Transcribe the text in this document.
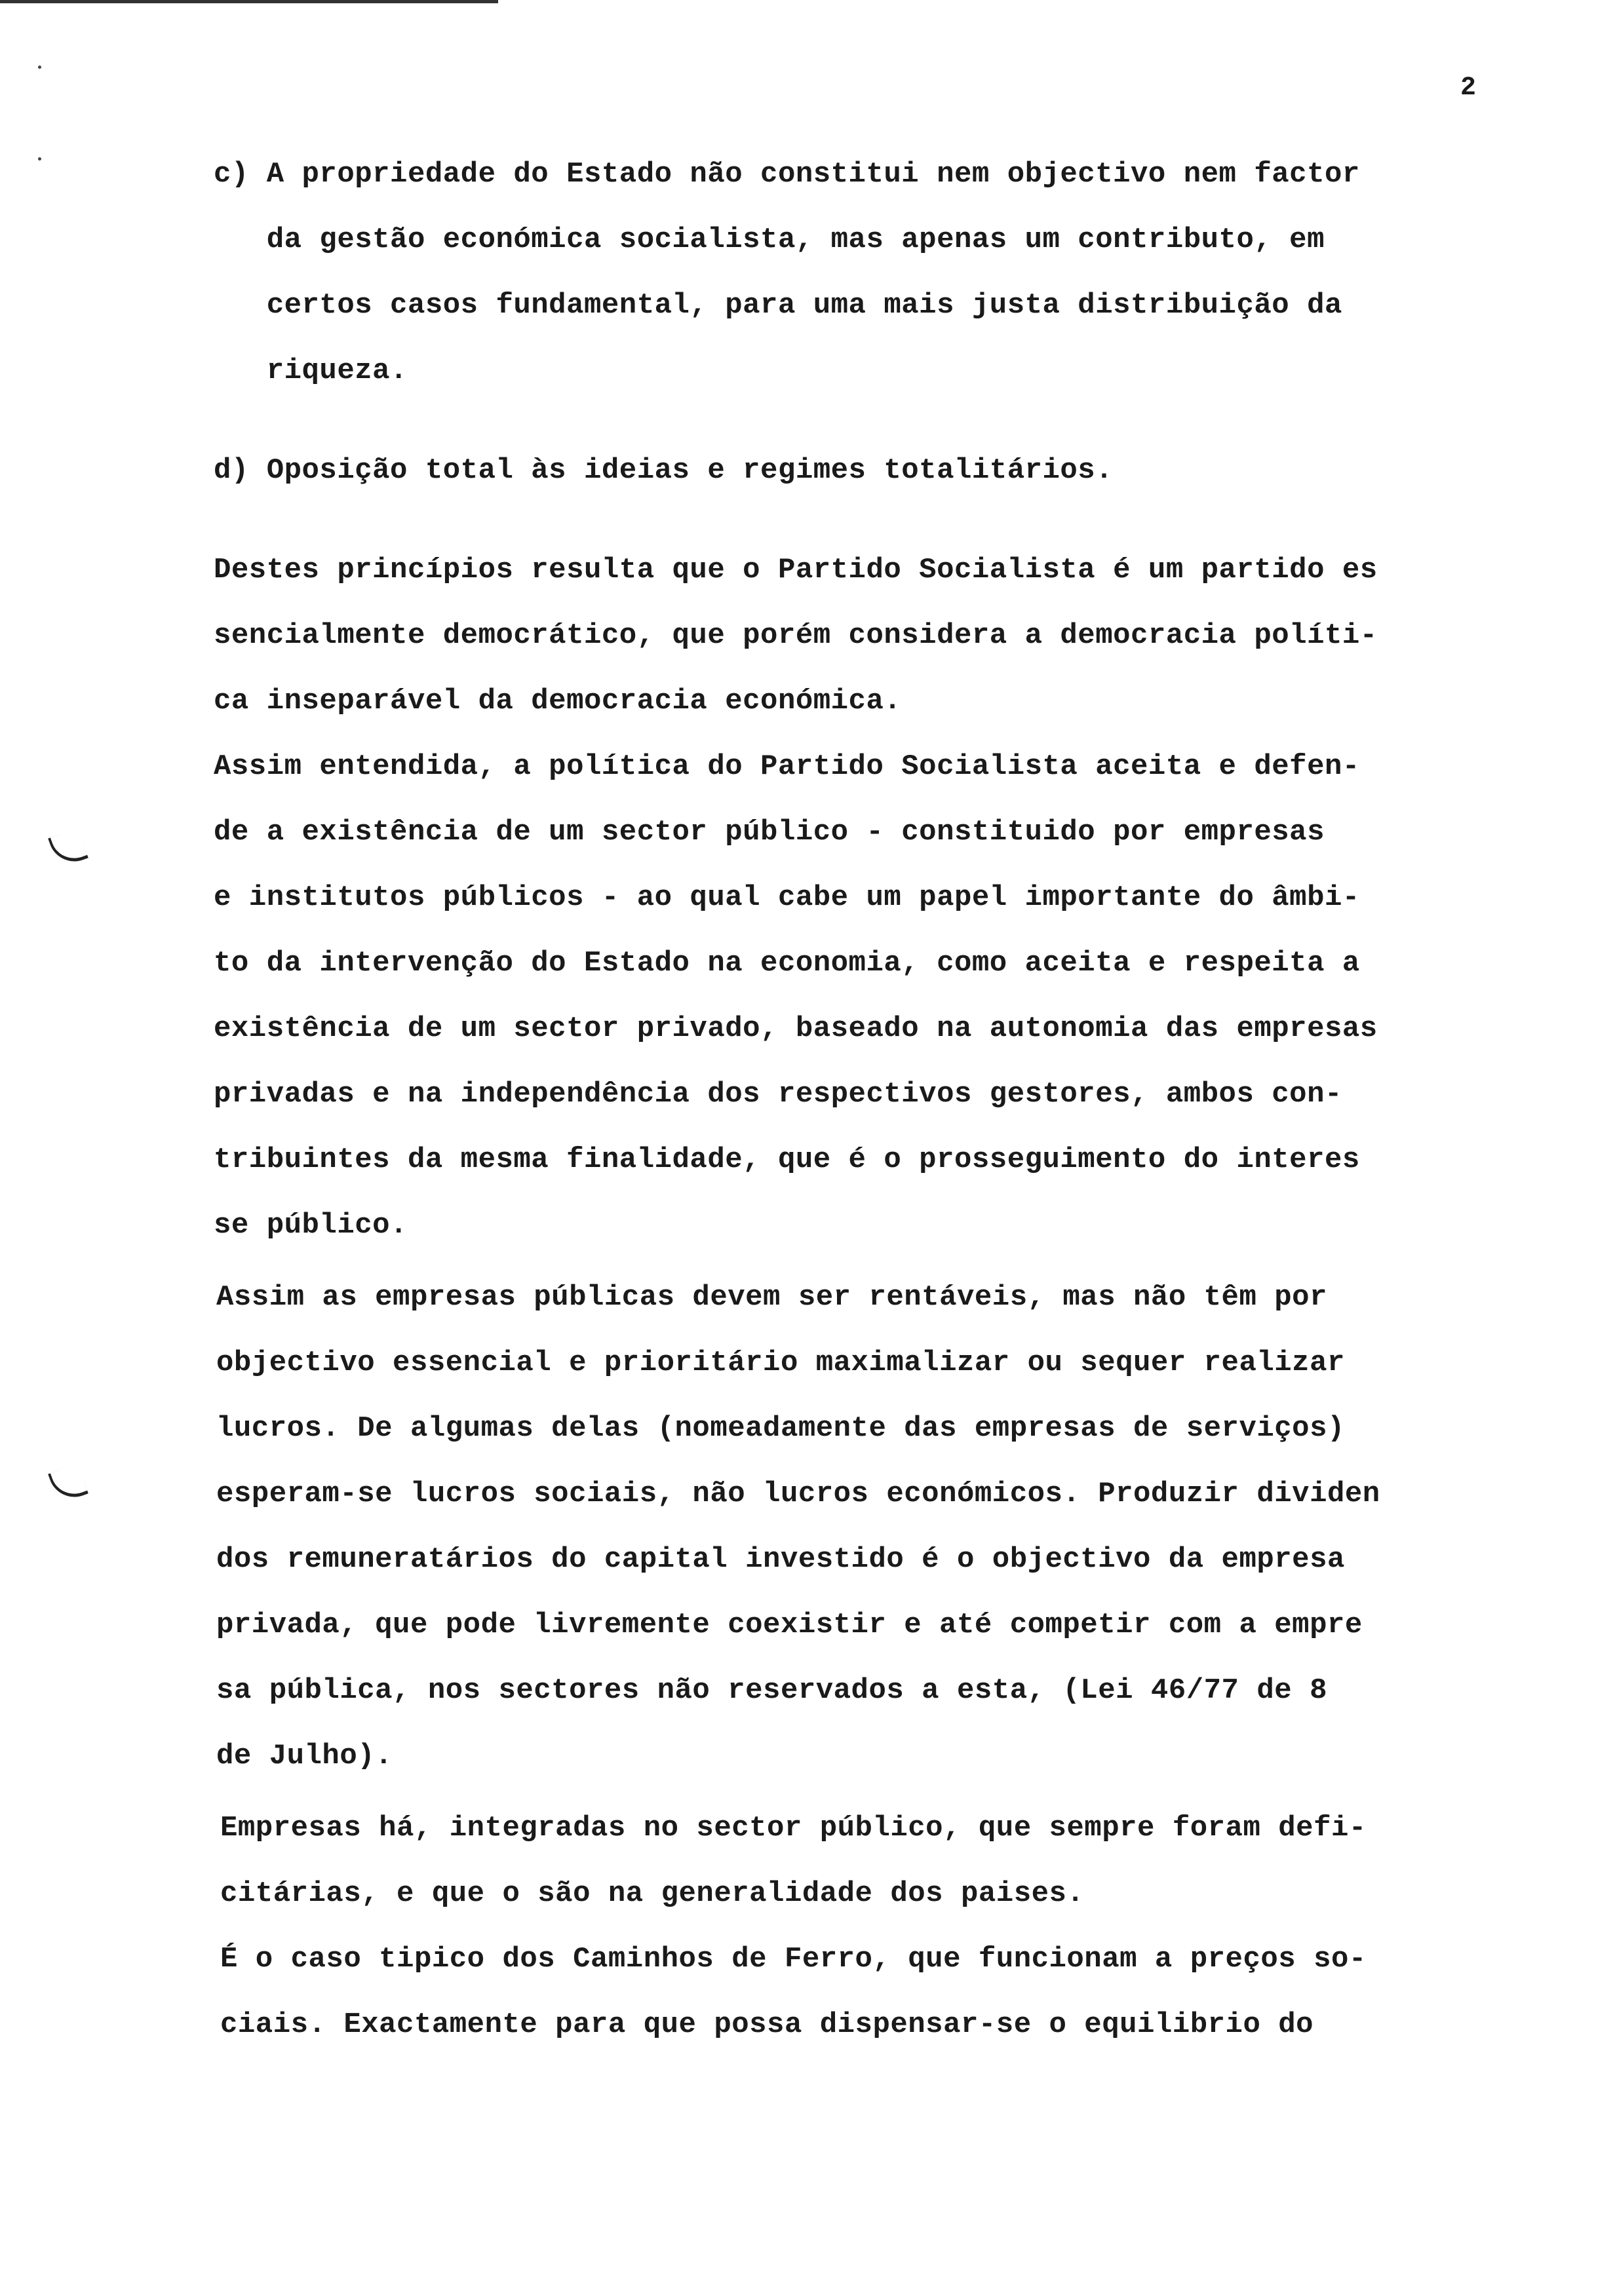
2
c) A propriedade do Estado não constitui nem objectivo nem factor
da gestão económica socialista, mas apenas um contributo, em
certos casos fundamental, para uma mais justa distribuição da
riqueza.
d) Oposição total às ideias e regimes totalitários.
Destes princípios resulta que o Partido Socialista é um partido es
sencialmente democrático, que porém considera a democracia políti-
ca inseparável da democracia económica.
Assim entendida, a política do Partido Socialista aceita e defen-
de a existência de um sector público - constituido por empresas
e institutos públicos - ao qual cabe um papel importante do âmbi-
to da intervenção do Estado na economia, como aceita e respeita a
existência de um sector privado, baseado na autonomia das empresas
privadas e na independência dos respectivos gestores, ambos con-
tribuintes da mesma finalidade, que é o prosseguimento do interes
se público.
Assim as empresas públicas devem ser rentáveis, mas não têm por
objectivo essencial e prioritário maximalizar ou sequer realizar
lucros. De algumas delas (nomeadamente das empresas de serviços)
esperam-se lucros sociais, não lucros económicos. Produzir dividen
dos remuneratários do capital investido é o objectivo da empresa
privada, que pode livremente coexistir e até competir com a empre
sa pública, nos sectores não reservados a esta, (Lei 46/77 de 8
de Julho).
Empresas há, integradas no sector público, que sempre foram defi-
citárias, e que o são na generalidade dos paises.
É o caso tipico dos Caminhos de Ferro, que funcionam a preços so-
ciais. Exactamente para que possa dispensar-se o equilibrio do
